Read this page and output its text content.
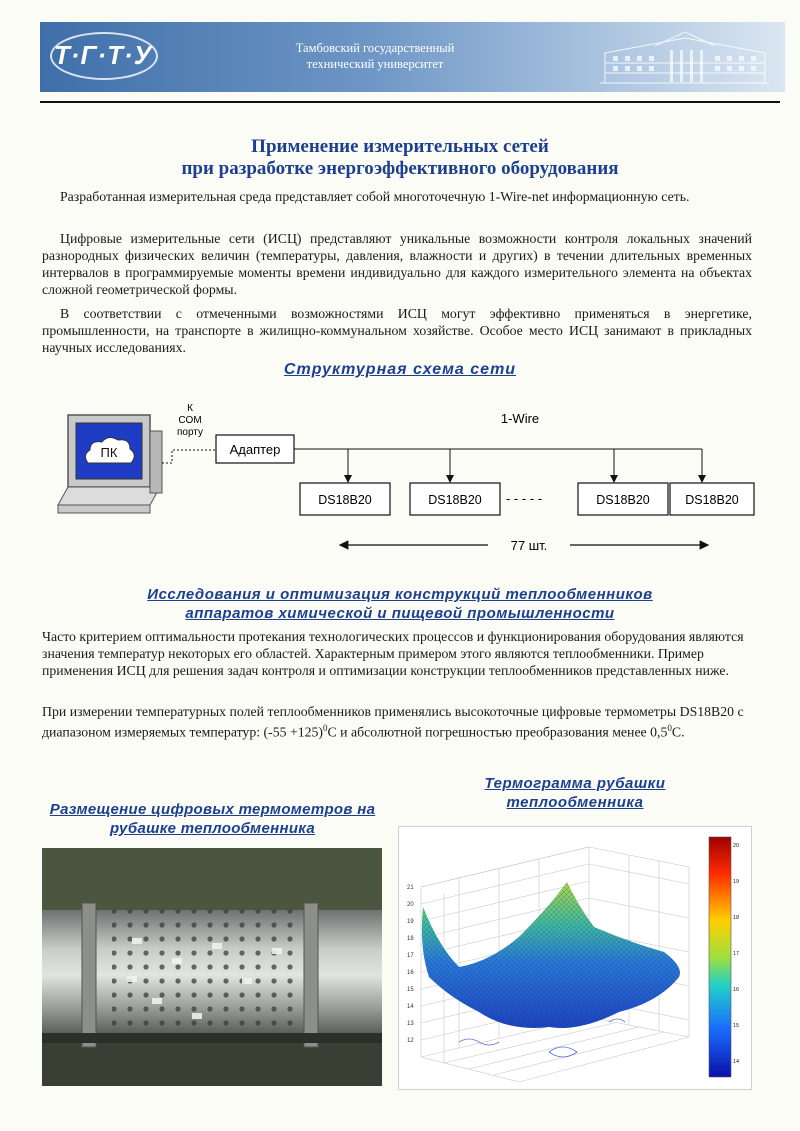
Т·Г·Т·У	Тамбовский государственный
технический университет
Применение измерительных сетей
при разработке энергоэффективного оборудования

Разработанная измерительная среда представляет собой многоточечную 1-Wire-net информационную сеть.

Цифровые измерительные сети (ИСЦ) представляют уникальные возможности контроля локальных значений разнородных физических величин (температуры, давления, влажности и других) в течении длительных временных интервалов в программируемые моменты времени индивидуально для каждого измерительного элемента на объектах сложной геометрической формы.

В соответствии с отмеченными возможностями ИСЦ могут эффективно применяться в энергетике, промышленности, на транспорте в жилищно-коммунальном хозяйстве. Особое место ИСЦ занимают в прикладных научных исследованиях.

Структурная схема сети
ПК
К
COM
порту
Адаптер
1-Wire
DS18B20	DS18B20 - - - - -	DS18B20	DS18B20
77 шт.
Исследования и оптимизация конструкций теплообменников
аппаратов химической и пищевой промышленности

Часто критерием оптимальности протекания технологических процессов и функционирования оборудования являются значения температур некоторых его областей. Характерным примером этого являются теплообменники. Пример применения ИСЦ для решения задач контроля и оптимизации конструкции теплообменников представленных ниже.

При измерении температурных полей теплообменников применялись высокоточные цифровые термометры DS18B20 с диапазоном измеряемых температур: $(-55 +125)^0С$ и абсолютной погрешностью преобразования менее $0,5^0С$.

Термограмма рубашки
теплообменника
Размещение цифровых термометров на
рубашке теплообменника
21
20
19
18
17
16
15
14
13
12
20
19
18
17
16
15
14
